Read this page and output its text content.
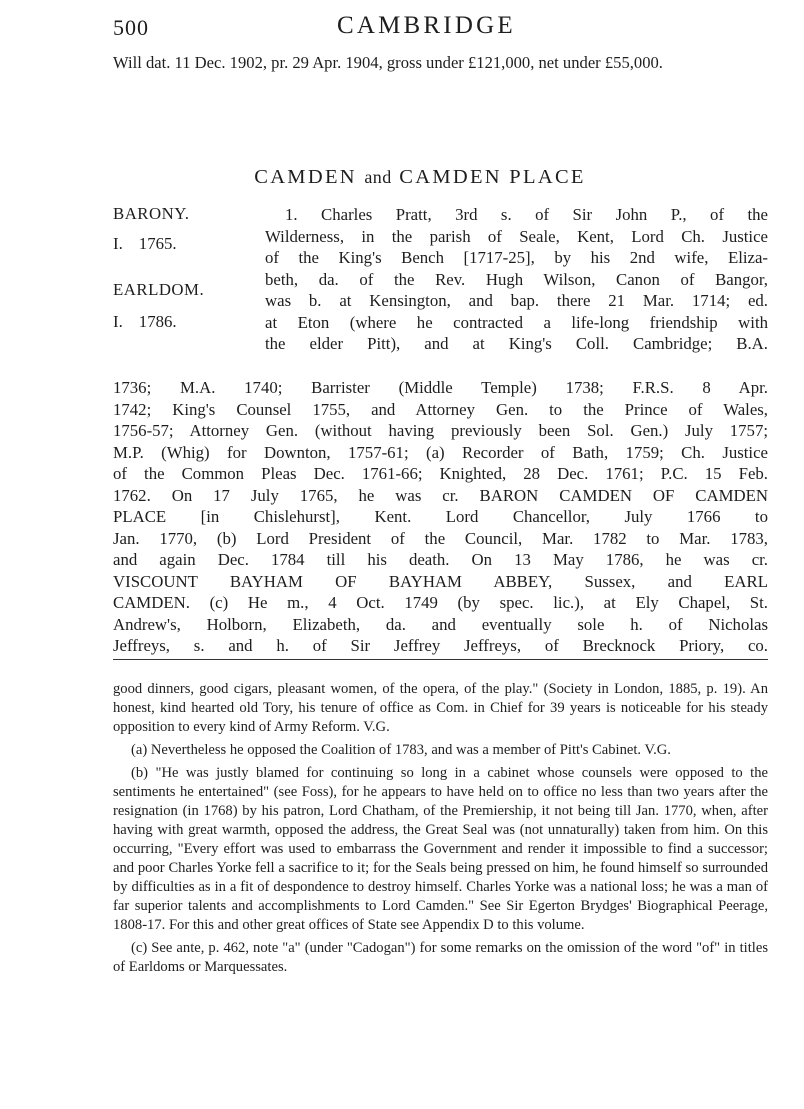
500	CAMBRIDGE
Will dat. 11 Dec. 1902, pr. 29 Apr. 1904, gross under £121,000, net under £55,000.
CAMDEN and CAMDEN PLACE
BARONY.
I. 1765.
EARLDOM.
I. 1786.
1. Charles Pratt, 3rd s. of Sir John P., of the
Wilderness, in the parish of Seale, Kent, Lord Ch. Justice
of the King's Bench [1717-25], by his 2nd wife, Eliza-
beth, da. of the Rev. Hugh Wilson, Canon of Bangor,
was b. at Kensington, and bap. there 21 Mar. 1714; ed.
at Eton (where he contracted a life-long friendship with
the elder Pitt), and at King's Coll. Cambridge; B.A.
1736; M.A. 1740; Barrister (Middle Temple) 1738; F.R.S. 8 Apr.
1742; King's Counsel 1755, and Attorney Gen. to the Prince of Wales,
1756-57; Attorney Gen. (without having previously been Sol. Gen.) July 1757;
M.P. (Whig) for Downton, 1757-61; (a) Recorder of Bath, 1759; Ch. Justice
of the Common Pleas Dec. 1761-66; Knighted, 28 Dec. 1761; P.C. 15 Feb.
1762. On 17 July 1765, he was cr. BARON CAMDEN OF CAMDEN
PLACE [in Chislehurst], Kent. Lord Chancellor, July 1766 to
Jan. 1770, (b) Lord President of the Council, Mar. 1782 to Mar. 1783,
and again Dec. 1784 till his death. On 13 May 1786, he was cr.
VISCOUNT BAYHAM OF BAYHAM ABBEY, Sussex, and EARL
CAMDEN. (c) He m., 4 Oct. 1749 (by spec. lic.), at Ely Chapel, St.
Andrew's, Holborn, Elizabeth, da. and eventually sole h. of Nicholas
Jeffreys, s. and h. of Sir Jeffrey Jeffreys, of Brecknock Priory, co.

good dinners, good cigars, pleasant women, of the opera, of the play." (Society in London, 1885, p. 19). An honest, kind hearted old Tory, his tenure of office as Com. in Chief for 39 years is noticeable for his steady opposition to every kind of Army Reform. V.G.

(a) Nevertheless he opposed the Coalition of 1783, and was a member of Pitt's Cabinet. V.G.

(b) "He was justly blamed for continuing so long in a cabinet whose counsels were opposed to the sentiments he entertained" (see Foss), for he appears to have held on to office no less than two years after the resignation (in 1768) by his patron, Lord Chatham, of the Premiership, it not being till Jan. 1770, when, after having with great warmth, opposed the address, the Great Seal was (not unnaturally) taken from him. On this occurring, "Every effort was used to embarrass the Government and render it impossible to find a successor; and poor Charles Yorke fell a sacrifice to it; for the Seals being pressed on him, he found himself so surrounded by difficulties as in a fit of despondence to destroy himself. Charles Yorke was a national loss; he was a man of far superior talents and accomplishments to Lord Camden." See Sir Egerton Brydges' Biographical Peerage, 1808-17. For this and other great offices of State see Appendix D to this volume.

(c) See ante, p. 462, note "a" (under "Cadogan") for some remarks on the omission of the word "of" in titles of Earldoms or Marquessates.
